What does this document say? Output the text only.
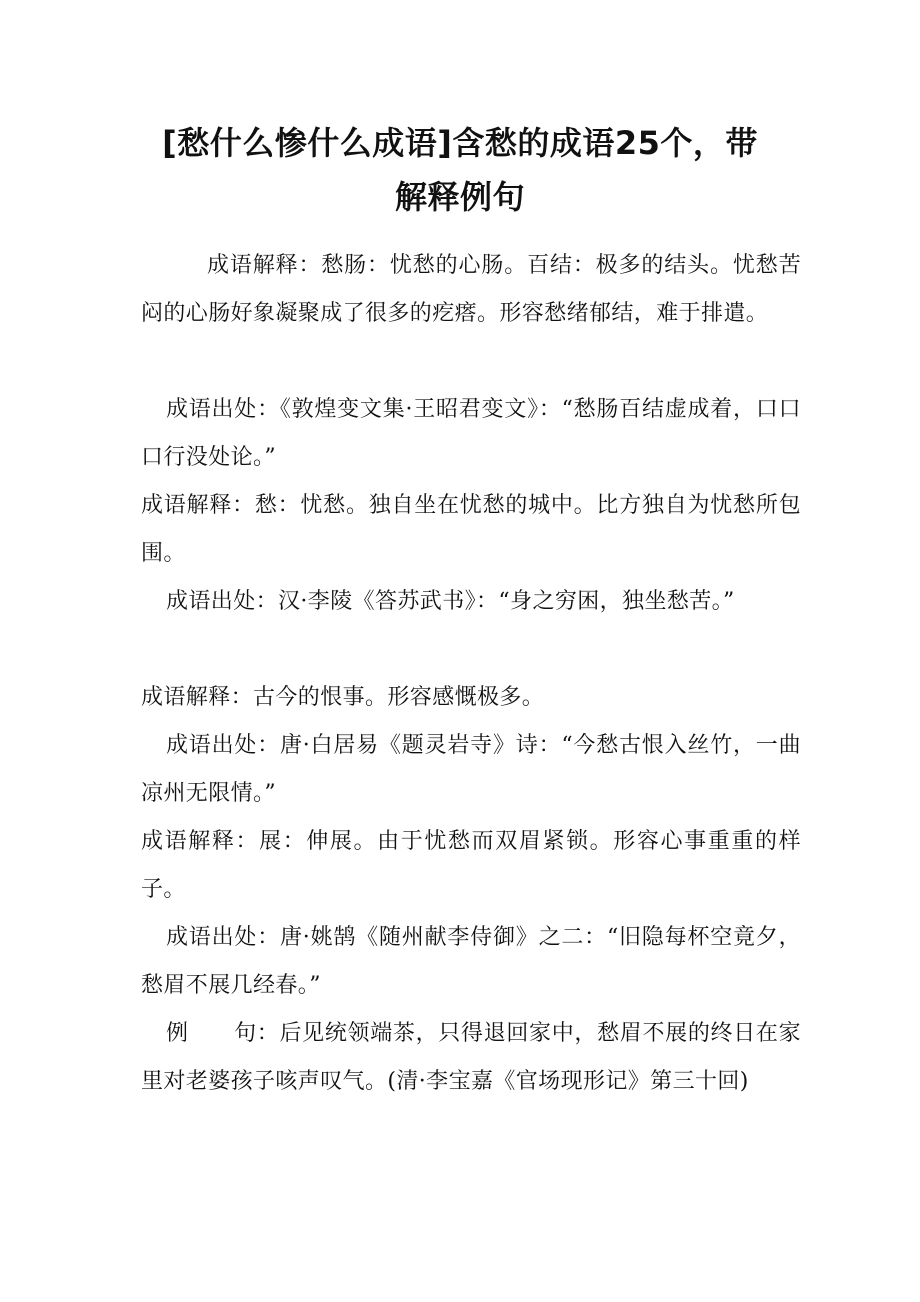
[愁什么惨什么成语]含愁的成语25个，带
解释例句

成语解释：愁肠：忧愁的心肠。百结：极多的结头。忧愁苦闷的心肠好象凝聚成了很多的疙瘩。形容愁绪郁结，难于排遣。

成语出处：《敦煌变文集·王昭君变文》：“愁肠百结虚成着，口口口行没处论。”

成语解释：愁：忧愁。独自坐在忧愁的城中。比方独自为忧愁所包围。

成语出处：汉·李陵《答苏武书》：“身之穷困，独坐愁苦。”

成语解释：古今的恨事。形容感慨极多。

成语出处：唐·白居易《题灵岩寺》诗：“今愁古恨入丝竹，一曲凉州无限情。”

成语解释：展：伸展。由于忧愁而双眉紧锁。形容心事重重的样子。

成语出处：唐·姚鹄《随州献李侍御》之二：“旧隐每杯空竟夕，愁眉不展几经春。”

例　　句：后见统领端茶，只得退回家中，愁眉不展的终日在家里对老婆孩子咳声叹气。(清·李宝嘉《官场现形记》第三十回)
